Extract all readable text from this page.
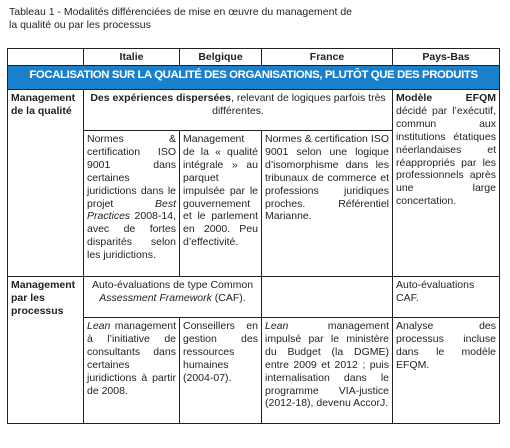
Tableau 1 - Modalités différenciées de mise en œuvre du management de
la qualité ou par les processus
	Italie	Belgique	France	Pays-Bas
FOCALISATION SUR LA QUALITÉ DES ORGANISATIONS, PLUTÔT QUE DES PRODUITS				

Management
de la qualité	Des expériences dispersées, relevant de logiques parfois très différentes.			Modèle EFQM décidé par l’exécutif, commun aux institutions étatiques néerlandaises et réappropriés par les professionnels après une large concertation.
	Normes & certification ISO 9001 dans certaines juridictions dans le projet Best Practices 2008-14, avec de fortes disparités selon les juridictions.	Management de la « qualité intégrale » au parquet impulsée par le gouvernement et le parlement en 2000. Peu d’effectivité.	Normes & certification ISO 9001 selon une logique d’isomorphisme dans les tribunaux de commerce et professions juridiques proches. Référentiel Marianne.	

Management
par les
processus	Auto-évaluations de type Common Assessment Framework (CAF).			Auto-évaluations CAF.
	Lean management à l’initiative de consultants dans certaines juridictions à partir de 2008.	Conseillers en gestion des ressources humaines (2004-07).	Lean management impulsé par le ministère du Budget (la DGME) entre 2009 et 2012 ; puis internalisation dans le programme VIA-justice (2012-18), devenu AccorJ.	Analyse des processus incluse dans le modèle EFQM.
